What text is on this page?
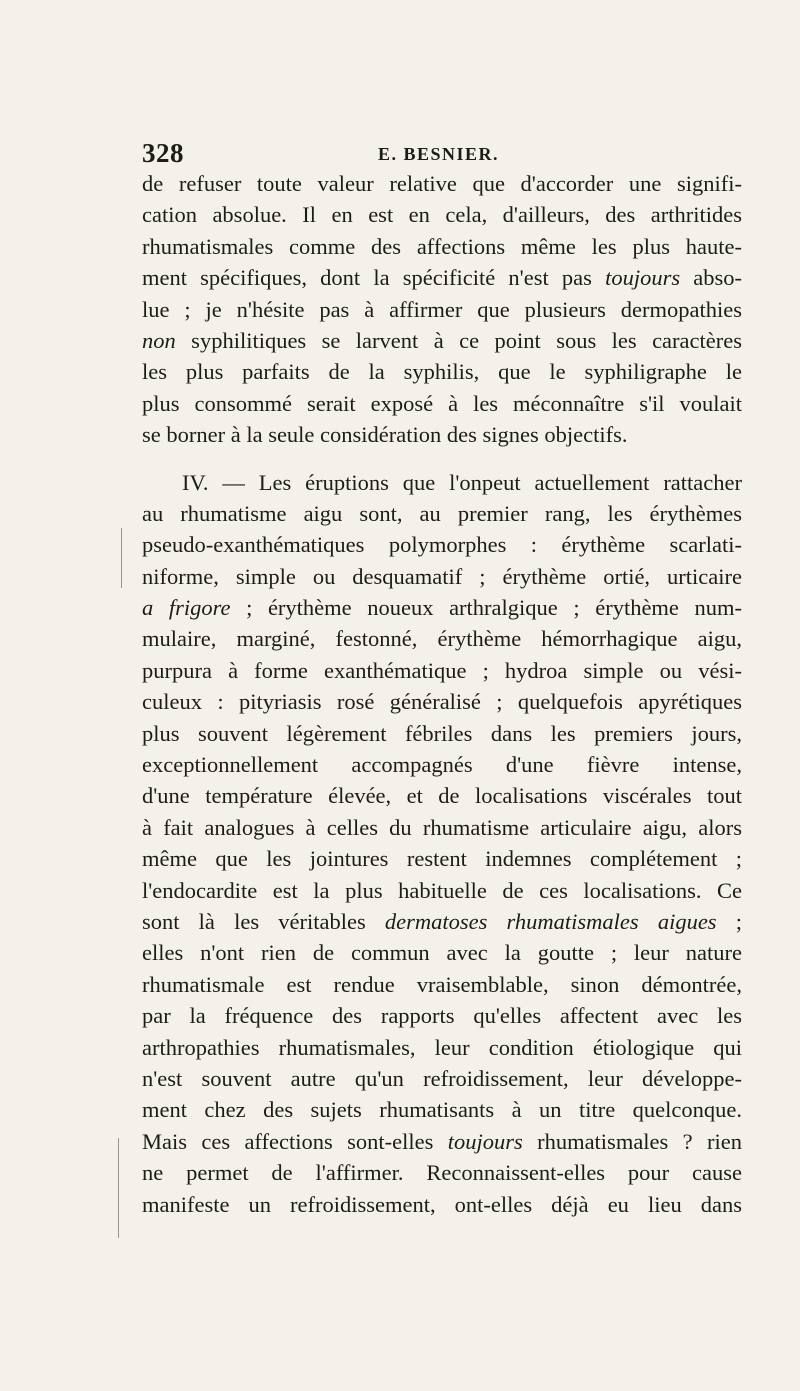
328	E. BESNIER.
de refuser toute valeur relative que d'accorder une signifi-
cation absolue. Il en est en cela, d'ailleurs, des arthritides
rhumatismales comme des affections même les plus haute-
ment spécifiques, dont la spécificité n'est pas toujours abso-
lue ; je n'hésite pas à affirmer que plusieurs dermopathies
non syphilitiques se larvent à ce point sous les caractères
les plus parfaits de la syphilis, que le syphiligraphe le
plus consommé serait exposé à les méconnaître s'il voulait
se borner à la seule considération des signes objectifs.
IV. — Les éruptions que l'onpeut actuellement rattacher
au rhumatisme aigu sont, au premier rang, les érythèmes
pseudo-exanthématiques polymorphes : érythème scarlati-
niforme, simple ou desquamatif ; érythème ortié, urticaire
a frigore ; érythème noueux arthralgique ; érythème num-
mulaire, marginé, festonné, érythème hémorrhagique aigu,
purpura à forme exanthématique ; hydroa simple ou vési-
culeux : pityriasis rosé généralisé ; quelquefois apyrétiques
plus souvent légèrement fébriles dans les premiers jours,
exceptionnellement accompagnés d'une fièvre intense,
d'une température élevée, et de localisations viscérales tout
à fait analogues à celles du rhumatisme articulaire aigu, alors
même que les jointures restent indemnes complétement ;
l'endocardite est la plus habituelle de ces localisations. Ce
sont là les véritables dermatoses rhumatismales aigues ;
elles n'ont rien de commun avec la goutte ; leur nature
rhumatismale est rendue vraisemblable, sinon démontrée,
par la fréquence des rapports qu'elles affectent avec les
arthropathies rhumatismales, leur condition étiologique qui
n'est souvent autre qu'un refroidissement, leur développe-
ment chez des sujets rhumatisants à un titre quelconque.
Mais ces affections sont-elles toujours rhumatismales ? rien
ne permet de l'affirmer. Reconnaissent-elles pour cause
manifeste un refroidissement, ont-elles déjà eu lieu dans
